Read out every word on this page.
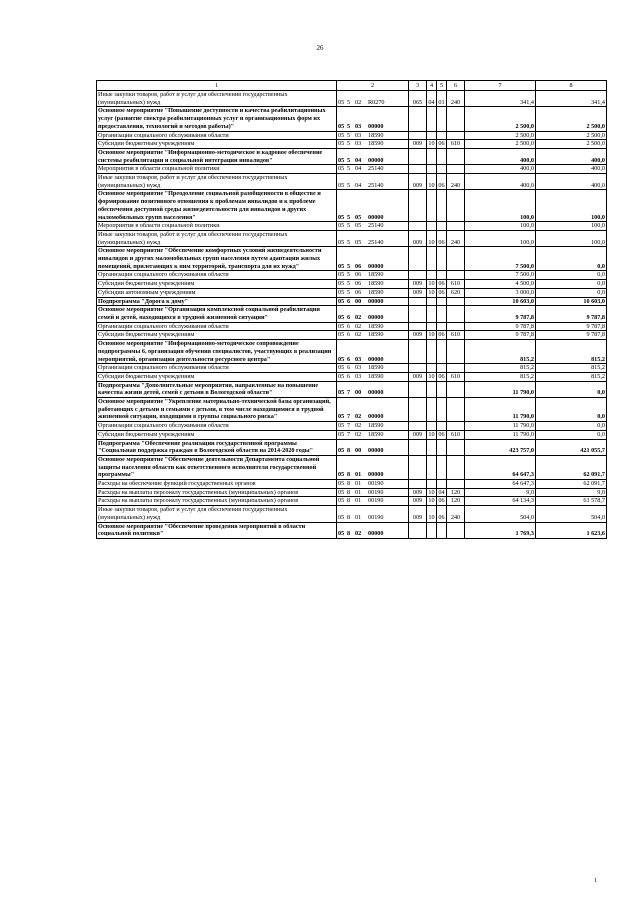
26
1	2	3	4	5	6	7	8
Иные закупки товаров, работ и услуг для обеспечения государственных (муниципальных) нужд	05 5 02 R0270	065	04	01	240	341,4	341,4
Основное мероприятие "Повышение доступности и качества реабилитационных услуг (развитие спектра реабилитационных услуг и организационных форм их предоставления, технологий и методов работы)"	05 5 03 00000					2 500,0	2 500,0
Организации социального обслуживания области	05 5 03 18590					2 500,0	2 500,0
Субсидии бюджетным учреждениям	05 5 03 18590	009	10	06	610	2 500,0	2 500,0
Основное мероприятие "Информационно-методическое и кадровое обеспечение системы реабилитации и социальной интеграции инвалидов"	05 5 04 00000					400,0	400,0
Мероприятия в области социальной политики	05 5 04 25140					400,0	400,0
Иные закупки товаров, работ и услуг для обеспечения государственных (муниципальных) нужд	05 5 04 25140	009	10	06	240	400,0	400,0
Основное мероприятие "Преодоление социальной разобщенности в обществе и формирование позитивного отношения к проблемам инвалидов и к проблеме обеспечения доступной среды жизнедеятельности для инвалидов и других маломобильных групп населения"	05 5 05 00000					100,0	100,0
Мероприятия в области социальной политики	05 5 05 25140					100,0	100,0
Иные закупки товаров, работ и услуг для обеспечения государственных (муниципальных) нужд	05 5 05 25140	009	10	06	240	100,0	100,0
Основное мероприятие "Обеспечение комфортных условий жизнедеятельности инвалидов и других маломобильных групп населения путем адаптации жилых помещений, прилегающих к ним территорий, транспорта для их нужд"	05 5 06 00000					7 500,0	0,0
Организации социального обслуживания области	05 5 06 18590					7 500,0	0,0
Субсидии бюджетным учреждениям	05 5 06 18590	009	10	06	610	4 500,0	0,0
Субсидии автономным учреждениям	05 5 06 18590	009	10	06	620	3 000,0	0,0
Подпрограмма "Дорога к дому"	05 6 00 00000					10 603,0	10 603,0
Основное мероприятие "Организация комплексной социальной реабилитации семей и детей, находящихся в трудной жизненной ситуации"	05 6 02 00000					9 787,8	9 787,8
Организации социального обслуживания области	05 6 02 18590					9 787,8	9 787,8
Субсидии бюджетным учреждениям	05 6 02 18590	009	10	06	610	9 787,8	9 787,8
Основное мероприятие "Информационно-методическое сопровождение подпрограммы 6, организация обучения специалистов, участвующих в реализации мероприятий, организация деятельности ресурсного центра"	05 6 03 00000					815,2	815,2
Организации социального обслуживания области	05 6 03 18590					815,2	815,2
Субсидии бюджетным учреждениям	05 6 03 18590	009	10	06	610	815,2	815,2
Подпрограмма "Дополнительные мероприятия, направленные на повышение качества жизни детей, семей с детьми в Вологодской области"	05 7 00 00000					11 790,0	0,0
Основное мероприятие "Укрепление материально-технической базы организаций, работающих с детьми и семьями с детьми, в том числе находящимися в трудной жизненной ситуации, входящими в группы социального риска"	05 7 02 00000					11 790,0	0,0
Организации социального обслуживания области	05 7 02 18590					11 790,0	0,0
Субсидии бюджетным учреждениям	05 7 02 18590	009	10	06	610	11 790,0	0,0
Подпрограмма "Обеспечение реализации государственной программы "Социальная поддержка граждан в Вологодской области на 2014-2020 годы"	05 8 00 00000					423 757,0	421 055,7
Основное мероприятие "Обеспечение деятельности Департамента социальной защиты населения области как ответственного исполнителя государственной программы"	05 8 01 00000					64 647,3	62 091,7
Расходы на обеспечение функций государственных органов	05 8 01 00190					64 647,3	62 091,7
Расходы на выплаты персоналу государственных (муниципальных) органов	05 8 01 00190	009	10	04	120	9,0	9,0
Расходы на выплаты персоналу государственных (муниципальных) органов	05 8 01 00190	009	10	06	120	64 134,3	61 578,7
Иные закупки товаров, работ и услуг для обеспечения государственных (муниципальных) нужд	05 8 01 00190	009	10	06	240	504,0	504,0
Основное мероприятие "Обеспечение проведения мероприятий в области социальной политики"	05 8 02 00000					1 769,3	1 623,6
1
